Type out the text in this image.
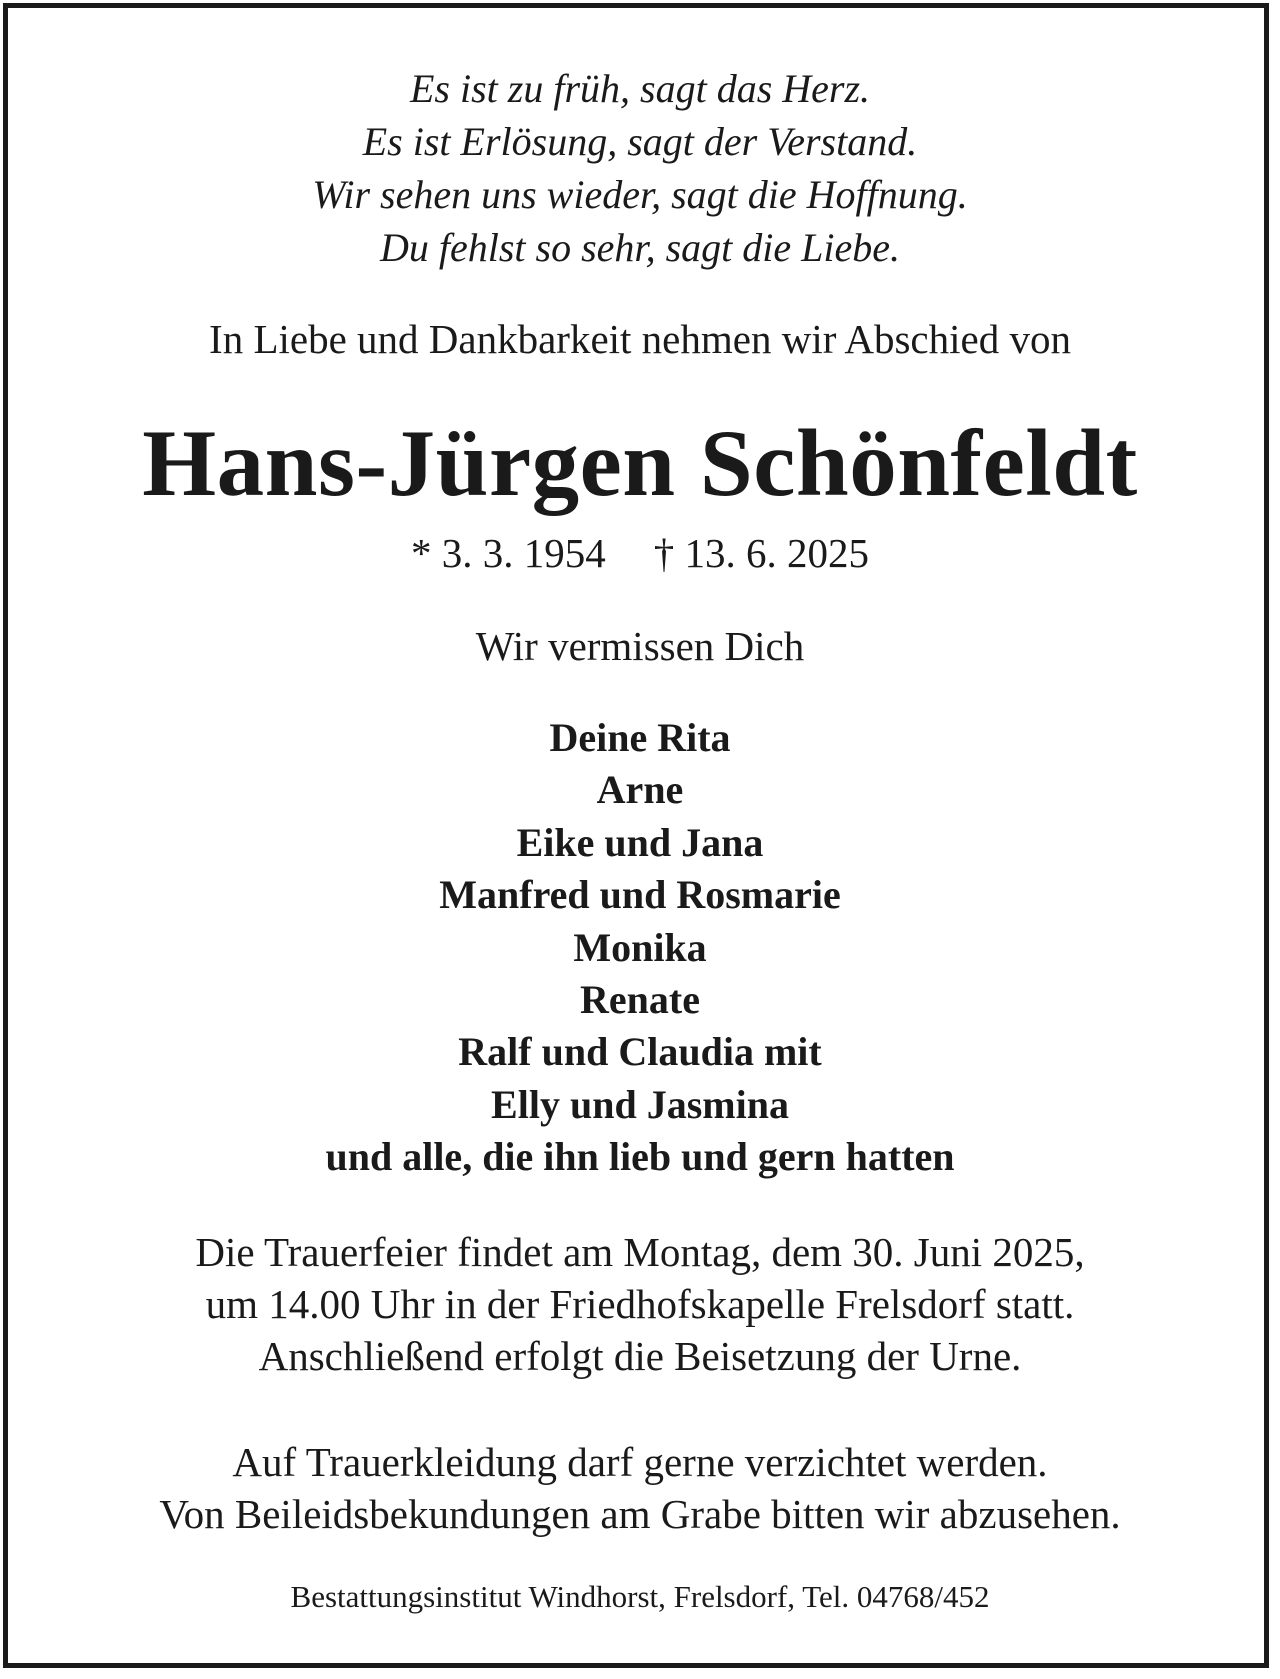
Es ist zu früh, sagt das Herz.
Es ist Erlösung, sagt der Verstand.
Wir sehen uns wieder, sagt die Hoffnung.
Du fehlst so sehr, sagt die Liebe.
In Liebe und Dankbarkeit nehmen wir Abschied von
Hans-Jürgen Schönfeldt
* 3. 3. 1954 † 13. 6. 2025
Wir vermissen Dich
Deine Rita
Arne
Eike und Jana
Manfred und Rosmarie
Monika
Renate
Ralf und Claudia mit
Elly und Jasmina
und alle, die ihn lieb und gern hatten
Die Trauerfeier findet am Montag, dem 30. Juni 2025,
um 14.00 Uhr in der Friedhofskapelle Frelsdorf statt.
Anschließend erfolgt die Beisetzung der Urne.
Auf Trauerkleidung darf gerne verzichtet werden.
Von Beileidsbekundungen am Grabe bitten wir abzusehen.
Bestattungsinstitut Windhorst, Frelsdorf, Tel. 04768/452
